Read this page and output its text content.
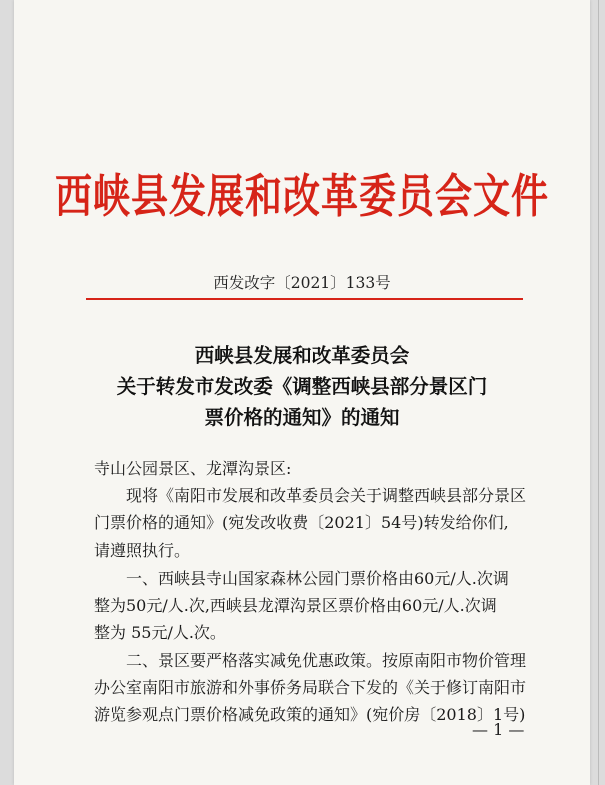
西峡县发展和改革委员会文件
西发改字〔2021〕133号
西峡县发展和改革委员会
关于转发市发改委《调整西峡县部分景区门
票价格的通知》的通知
寺山公园景区、龙潭沟景区:
　　现将《南阳市发展和改革委员会关于调整西峡县部分景区
门票价格的通知》(宛发改收费〔2021〕54号)转发给你们,
请遵照执行。
　　一、西峡县寺山国家森林公园门票价格由60元/人.次调
整为50元/人.次,西峡县龙潭沟景区票价格由60元/人.次调
整为 55元/人.次。
　　二、景区要严格落实减免优惠政策。按原南阳市物价管理
办公室南阳市旅游和外事侨务局联合下发的《关于修订南阳市
游览参观点门票价格减免政策的通知》(宛价房〔2018〕1号)
— 1 —
